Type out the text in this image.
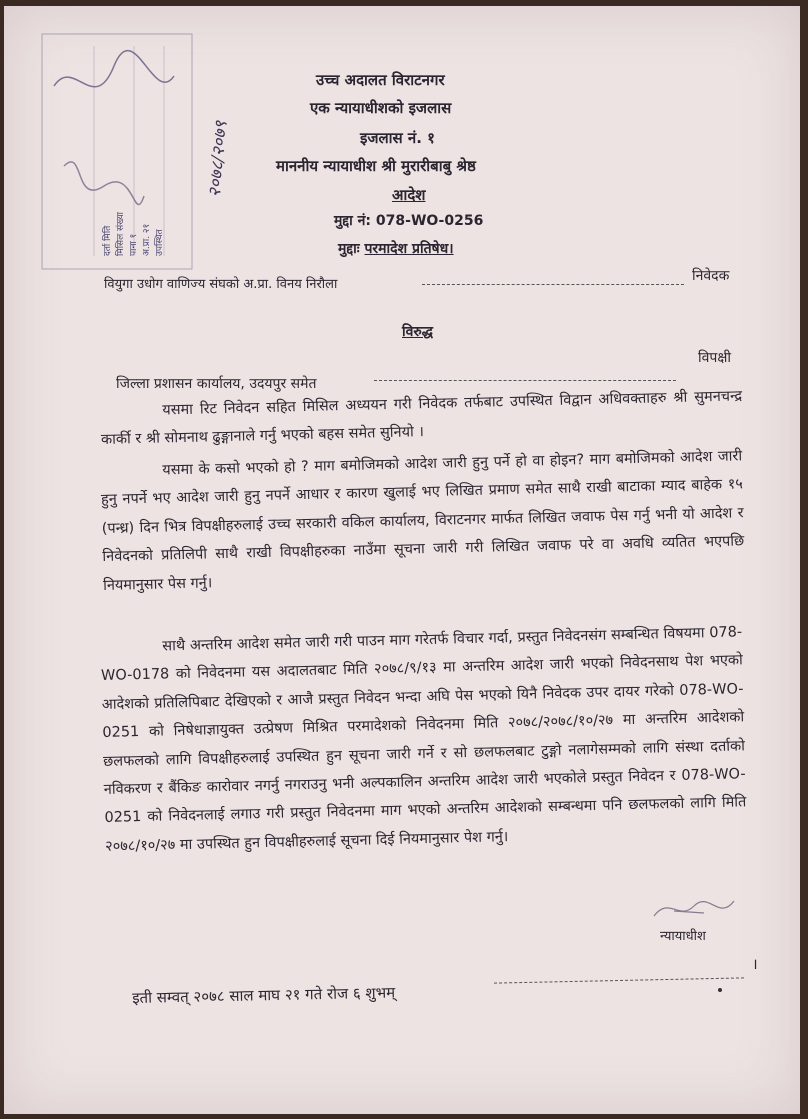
दर्ता मिति मिसिल संख्या पाना १ अ.प्रा. २१ उपस्थित
२०७८/२०७९
उच्च अदालत विराटनगर
एक न्यायाधीशको इजलास
इजलास नं. १
माननीय न्यायाधीश श्री मुरारीबाबु श्रेष्ठ
आदेश
मुद्दा नं: 078-WO-0256
मुद्दाः परमादेश प्रतिषेध।
वियुगा उधोग वाणिज्य संघको अ.प्रा. विनय निरौला
निवेदक
विरुद्ध
जिल्ला प्रशासन कार्यालय, उदयपुर समेत
विपक्षी
यसमा रिट निवेदन सहित मिसिल अध्ययन गरी निवेदक तर्फबाट उपस्थित विद्वान अधिवक्ताहरु श्री सुमनचन्द्र कार्की र श्री सोमनाथ ढुङ्गानाले गर्नु भएको बहस समेत सुनियो ।
यसमा के कसो भएको हो ? माग बमोजिमको आदेश जारी हुनु पर्ने हो वा होइन? माग बमोजिमको आदेश जारी हुनु नपर्ने भए आदेश जारी हुनु नपर्ने आधार र कारण खुलाई भए लिखित प्रमाण समेत साथै राखी बाटाका म्याद बाहेक १५ (पन्ध्र) दिन भित्र विपक्षीहरुलाई उच्च सरकारी वकिल कार्यालय, विराटनगर मार्फत लिखित जवाफ पेस गर्नु भनी यो आदेश र निवेदनको प्रतिलिपी साथै राखी विपक्षीहरुका नाउँमा सूचना जारी गरी लिखित जवाफ परे वा अवधि व्यतित भएपछि नियमानुसार पेस गर्नु।
साथै अन्तरिम आदेश समेत जारी गरी पाउन माग गरेतर्फ विचार गर्दा, प्रस्तुत निवेदनसंग सम्बन्धित विषयमा 078-WO-0178 को निवेदनमा यस अदालतबाट मिति २०७८/९/१३ मा अन्तरिम आदेश जारी भएको निवेदनसाथ पेश भएको आदेशको प्रतिलिपिबाट देखिएको र आजै प्रस्तुत निवेदन भन्दा अघि पेस भएको यिनै निवेदक उपर दायर गरेको 078-WO-0251 को निषेधाज्ञायुक्त उत्प्रेषण मिश्रित परमादेशको निवेदनमा मिति २०७८/२०७८/१०/२७ मा अन्तरिम आदेशको छलफलको लागि विपक्षीहरुलाई उपस्थित हुन सूचना जारी गर्ने र सो छलफलबाट टुङ्गो नलागेसम्मको लागि संस्था दर्ताको नविकरण र बैंकिङ कारोवार नगर्नु नगराउनु भनी अल्पकालिन अन्तरिम आदेश जारी भएकोले प्रस्तुत निवेदन र 078-WO-0251 को निवेदनलाई लगाउ गरी प्रस्तुत निवेदनमा माग भएको अन्तरिम आदेशको सम्बन्धमा पनि छलफलको लागि मिति २०७८/१०/२७ मा उपस्थित हुन विपक्षीहरुलाई सूचना दिई नियमानुसार पेश गर्नु।
न्यायाधीश
इती सम्वत् २०७८ साल माघ २१ गते रोज ६ शुभम्
।
